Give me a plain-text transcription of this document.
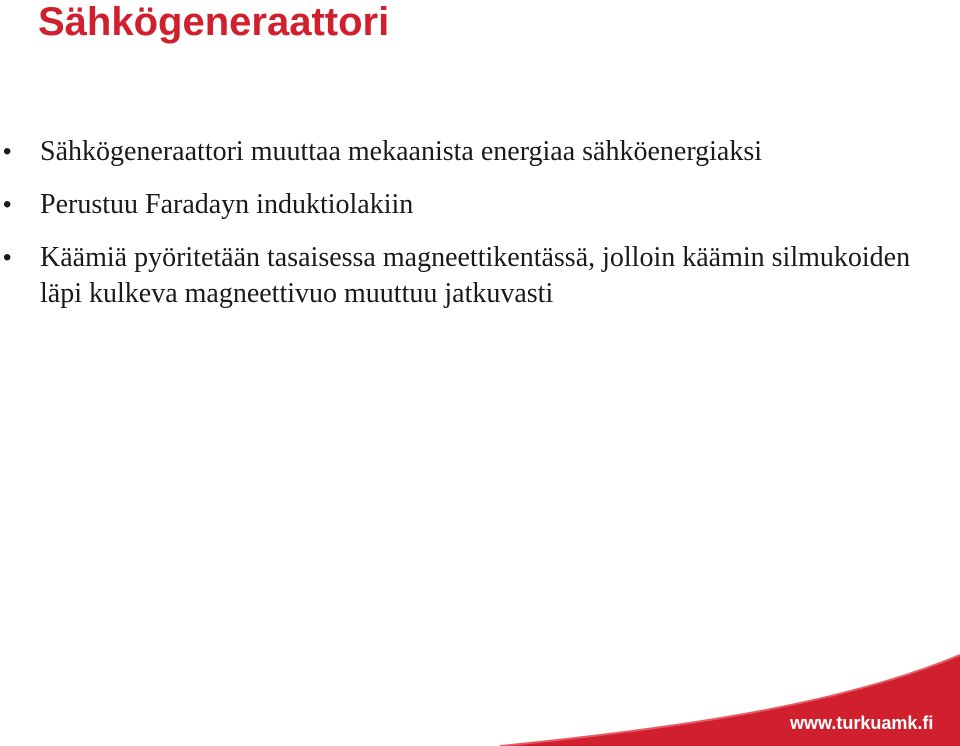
Sähkögeneraattori
• Sähkögeneraattori muuttaa mekaanista energiaa sähköenergiaksi
• Perustuu Faradayn induktiolakiin
• Käämiä pyöritetään tasaisessa magneettikentässä, jolloin käämin silmukoiden läpi kulkeva magneettivuo muuttuu jatkuvasti
www.turkuamk.fi
